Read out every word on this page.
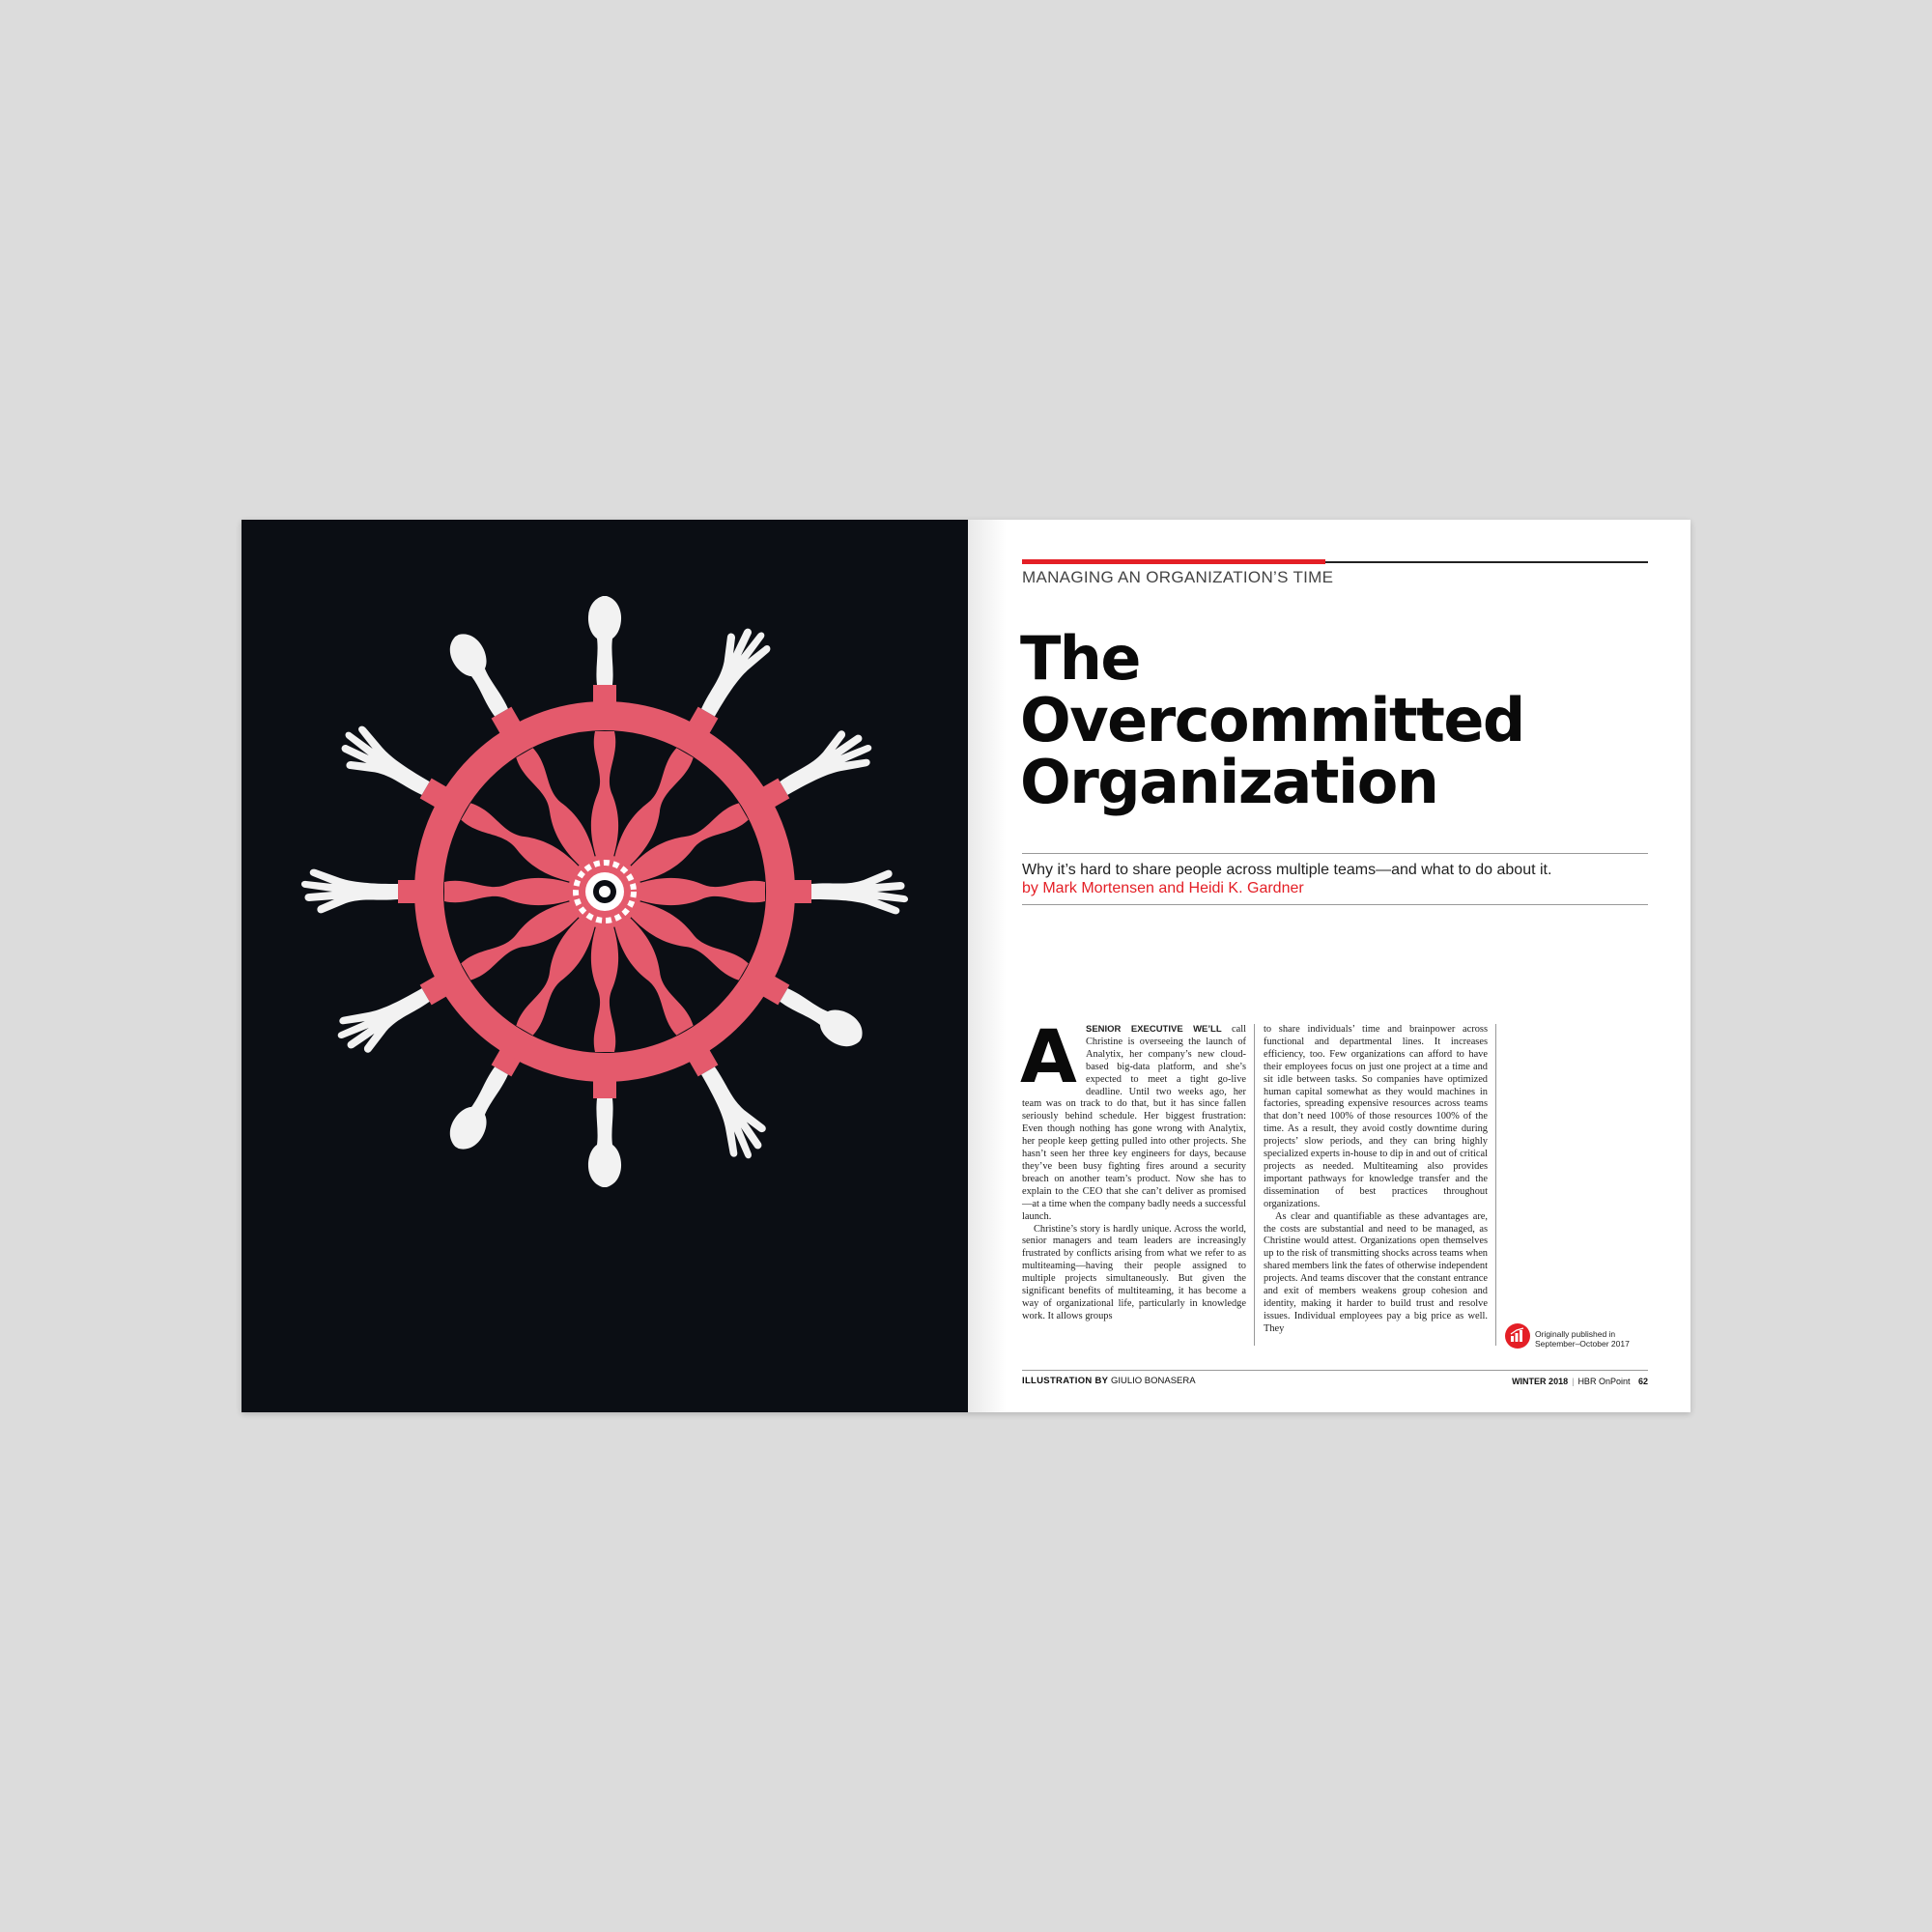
MANAGING AN ORGANIZATION’S TIME
The
Overcommitted
Organization
Why it’s hard to share people across multiple teams—and what to do about it.
by Mark Mortensen and Heidi K. Gardner

ASENIOR EXECUTIVE WE’LL call Christine is overseeing the launch of Analytix, her company’s new cloud-based big-data platform, and she’s expected to meet a tight go-live deadline. Until two weeks ago, her team was on track to do that, but it has since fallen seriously behind schedule. Her biggest frustration: Even though nothing has gone wrong with Analytix, her people keep getting pulled into other projects. She hasn’t seen her three key engineers for days, because they’ve been busy fighting fires around a security breach on another team’s product. Now she has to explain to the CEO that she can’t deliver as promised—at a time when the company badly needs a successful launch.

Christine’s story is hardly unique. Across the world, senior managers and team leaders are increasingly frustrated by conflicts arising from what we refer to as multiteaming—having their people assigned to multiple projects simultaneously. But given the significant benefits of multiteaming, it has become a way of organizational life, particularly in knowledge work. It allows groups

to share individuals’ time and brainpower across functional and departmental lines. It increases efficiency, too. Few organizations can afford to have their employees focus on just one project at a time and sit idle between tasks. So companies have optimized human capital somewhat as they would machines in factories, spreading expensive resources across teams that don’t need 100% of those resources 100% of the time. As a result, they avoid costly downtime during projects’ slow periods, and they can bring highly specialized experts in-house to dip in and out of critical projects as needed. Multiteaming also provides important pathways for knowledge transfer and the dissemination of best practices throughout organizations.

As clear and quantifiable as these advantages are, the costs are substantial and need to be managed, as Christine would attest. Organizations open themselves up to the risk of transmitting shocks across teams when shared members link the fates of otherwise independent projects. And teams discover that the constant entrance and exit of members weakens group cohesion and identity, making it harder to build trust and resolve issues. Individual employees pay a big price as well. They

Originally published in
September–October 2017
ILLUSTRATION BY GIULIO BONASERA	WINTER 2018 | HBR OnPoint 62
